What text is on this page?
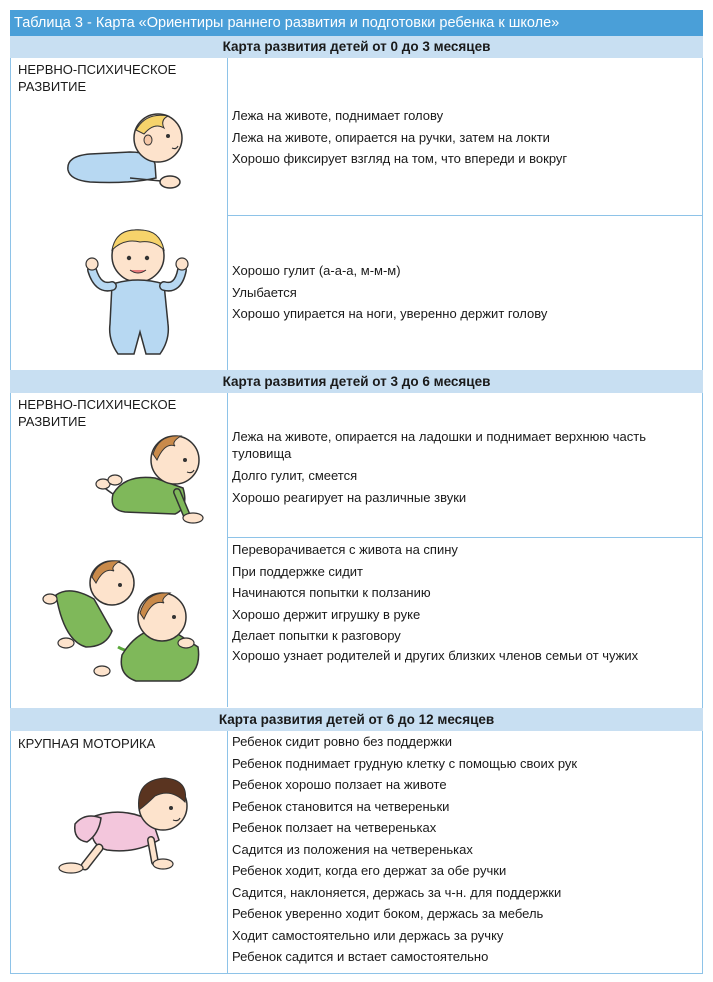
Таблица 3 - Карта «Ориентиры раннего развития и подготовки ребенка к школе»
Карта развития детей от 0 до 3 месяцев
НЕРВНО-ПСИХИЧЕСКОЕ РАЗВИТИЕ
Лежа на животе, поднимает голову
Лежа на животе, опирается на ручки, затем на локти
Хорошо фиксирует взгляд на том, что впереди и вокруг
Хорошо гулит (а-а-а, м-м-м)
Улыбается
Хорошо упирается на ноги, уверенно держит голову
Карта развития детей от 3 до 6 месяцев
НЕРВНО-ПСИХИЧЕСКОЕ РАЗВИТИЕ
Лежа на животе, опирается на ладошки и поднимает верхнюю часть туловища
Долго гулит, смеется
Хорошо реагирует на различные звуки
Переворачивается с живота на спину
При поддержке сидит
Начинаются попытки к ползанию
Хорошо держит игрушку в руке
Делает попытки к разговору
Хорошо узнает родителей и других близких членов семьи от чужих
Карта развития детей от 6 до 12 месяцев
КРУПНАЯ МОТОРИКА	Ребенок сидит ровно без поддержки
Ребенок поднимает грудную клетку с помощью своих рук
Ребенок хорошо ползает на животе
Ребенок становится на четвереньки
Ребенок ползает на четвереньках
Садится из положения на четвереньках
Ребенок ходит, когда его держат за обе ручки
Садится, наклоняется, держась за ч-н. для поддержки
Ребенок уверенно ходит боком, держась за мебель
Ходит самостоятельно или держась за ручку
Ребенок садится и встает самостоятельно
